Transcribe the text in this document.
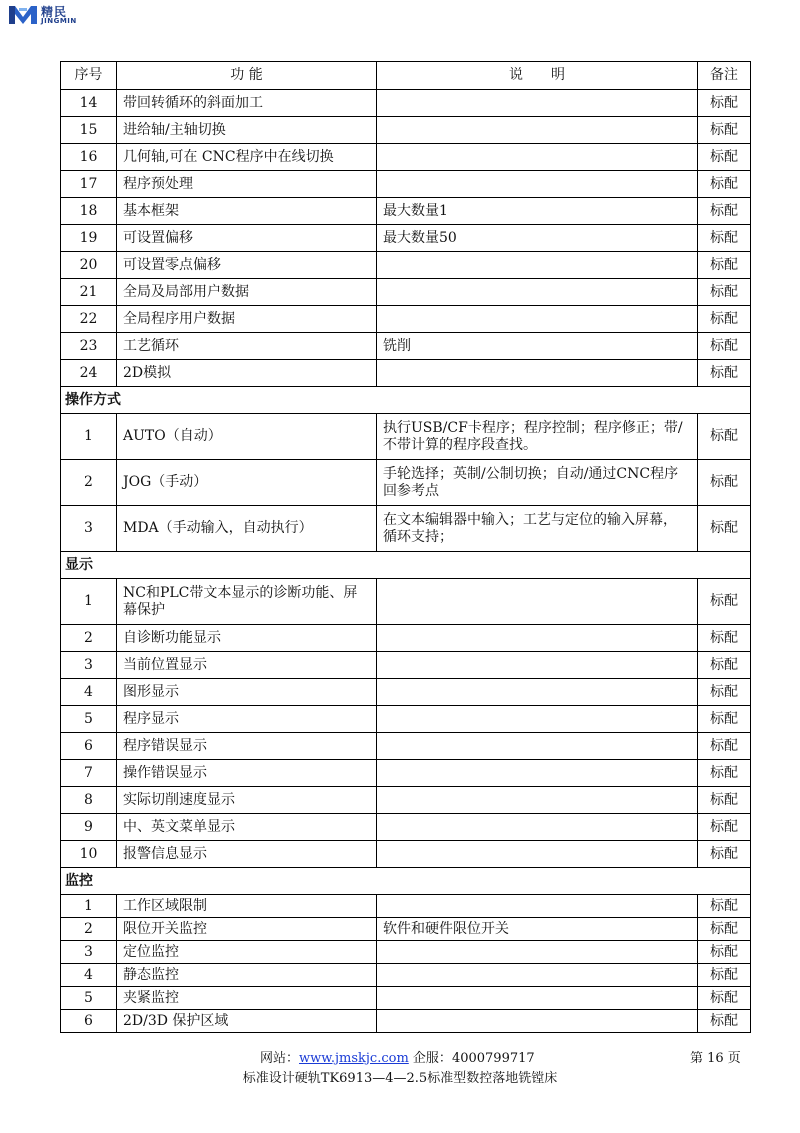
精民
JINGMIN
序号	功 能	说　　明	备注
14	带回转循环的斜面加工		标配
15	进给轴/主轴切换		标配
16	几何轴,可在 CNC程序中在线切换		标配
17	程序预处理		标配
18	基本框架	最大数量1	标配
19	可设置偏移	最大数量50	标配
20	可设置零点偏移		标配
21	全局及局部用户数据		标配
22	全局程序用户数据		标配
23	工艺循环	铣削	标配
24	2D模拟		标配
操作方式			
1	AUTO（自动）	执行USB/CF卡程序；程序控制；程序修正；带/不带计算的程序段查找。	标配
2	JOG（手动）	手轮选择；英制/公制切换；自动/通过CNC程序回参考点	标配
3	MDA（手动输入，自动执行）	在文本编辑器中输入；工艺与定位的输入屏幕， 循环支持；	标配
显示			
1	NC和PLC带文本显示的诊断功能、屏幕保护		标配
2	自诊断功能显示		标配
3	当前位置显示		标配
4	图形显示		标配
5	程序显示		标配
6	程序错误显示		标配
7	操作错误显示		标配
8	实际切削速度显示		标配
9	中、英文菜单显示		标配
10	报警信息显示		标配
监控			
1	工作区域限制		标配
2	限位开关监控	软件和硬件限位开关	标配
3	定位监控		标配
4	静态监控		标配
5	夹紧监控		标配
6	2D/3D 保护区域		标配
网站：www.jmskjc.com 企服：4000799717	第 16 页
标准设计硬轨TK6913—4—2.5标准型数控落地铣镗床
